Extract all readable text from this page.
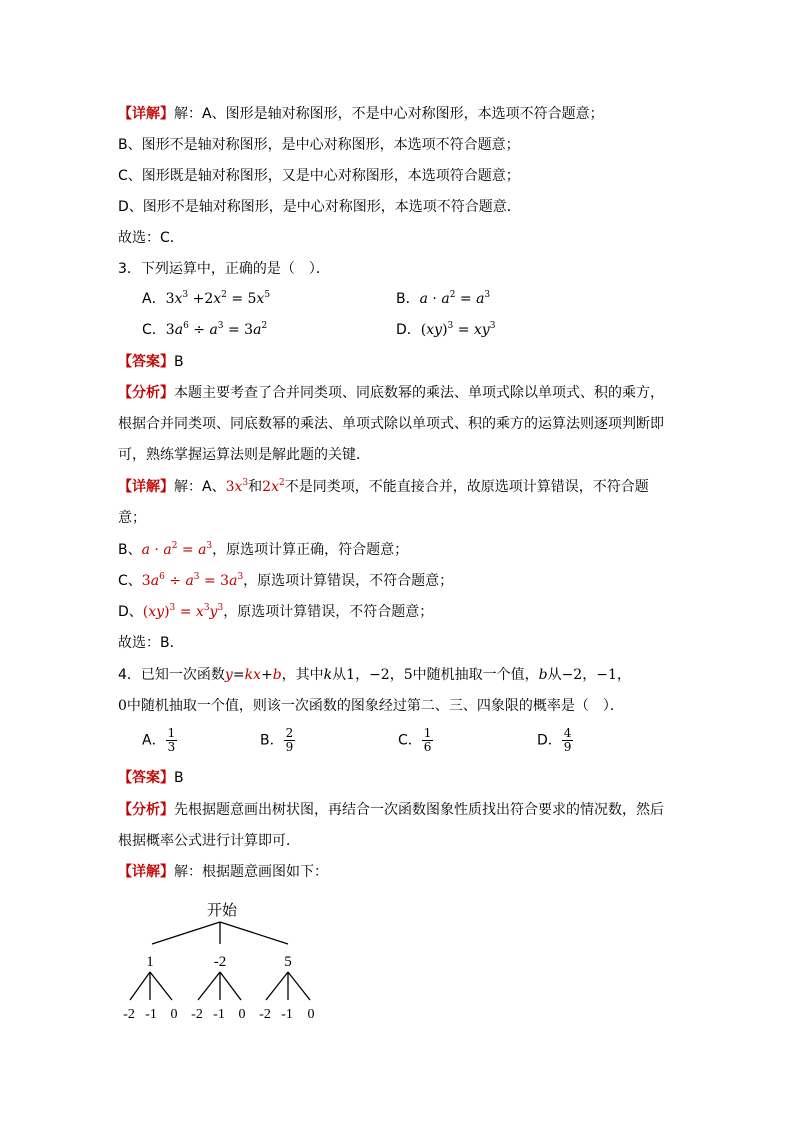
【详解】解：A、图形是轴对称图形，不是中心对称图形，本选项不符合题意；
B、图形不是轴对称图形，是中心对称图形，本选项不符合题意；
C、图形既是轴对称图形，又是中心对称图形，本选项符合题意；
D、图形不是轴对称图形，是中心对称图形，本选项不符合题意．
故选：C．
3．下列运算中，正确的是（　）．
A．$3x^3 +2x^2 = 5x^5$	B．$a \cdot a^2 = a^3$
C．$3a^6 \div a^3 = 3a^2$	D．$(xy)^3 = xy^3$
【答案】B
【分析】本题主要考查了合并同类项、同底数幂的乘法、单项式除以单项式、积的乘方，
根据合并同类项、同底数幂的乘法、单项式除以单项式、积的乘方的运算法则逐项判断即
可，熟练掌握运算法则是解此题的关键．
【详解】解：A、$3x^3$和$2x^2$不是同类项，不能直接合并，故原选项计算错误，不符合题
意；
B、$a \cdot a^2 = a^3$，原选项计算正确，符合题意；
C、$3a^6 \div a^3 = 3a^3$，原选项计算错误，不符合题意；
D、$(xy)^3 = x^3y^3$，原选项计算错误，不符合题意；
故选：B．
4．已知一次函数y=kx+b，其中k从1，−2，5中随机抽取一个值，b从−2，−1，
0中随机抽取一个值，则该一次函数的图象经过第二、三、四象限的概率是（　）．
A． $\frac{1}{3}$	B． $\frac{2}{9}$	C． $\frac{1}{6}$	D． $\frac{4}{9}$
【答案】B
【分析】先根据题意画出树状图，再结合一次函数图象性质找出符合要求的情况数，然后
根据概率公式进行计算即可．
【详解】解：根据题意画图如下：
开始
1	-2	5
-2 -1 0 -2 -1 0 -2 -1 0
